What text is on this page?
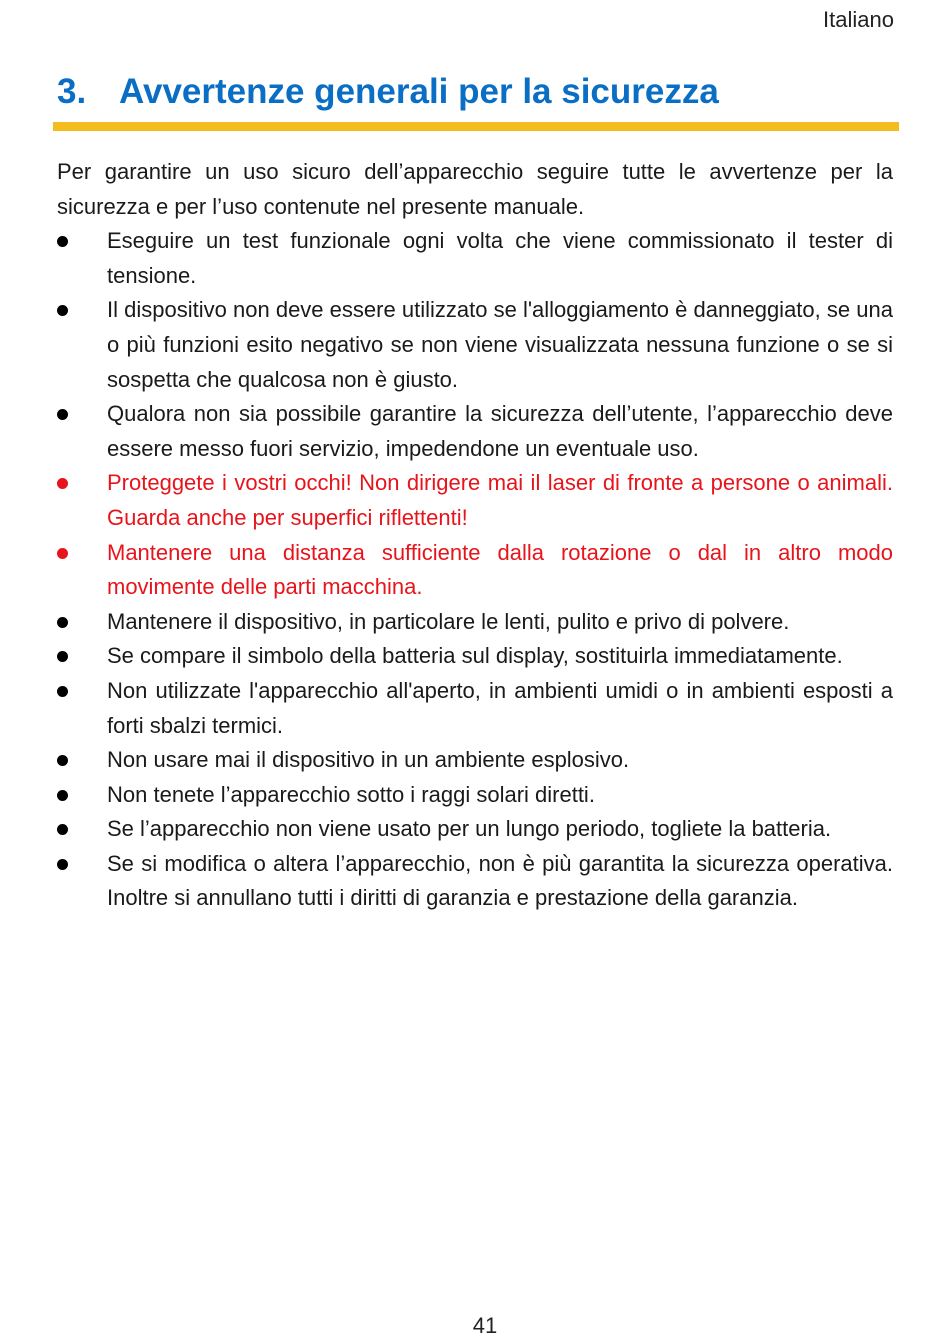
Italiano
3. Avvertenze generali per la sicurezza

Per garantire un uso sicuro dell’apparecchio seguire tutte le avvertenze per la sicurezza e per l’uso contenute nel presente manuale.

Eseguire un test funzionale ogni volta che viene commissionato il tester di tensione.
Il dispositivo non deve essere utilizzato se l'alloggiamento è danneggiato, se una o più funzioni esito negativo se non viene visualizzata nessuna funzione o se si sospetta che qualcosa non è giusto.
Qualora non sia possibile garantire la sicurezza dell’utente, l’apparecchio deve essere messo fuori servizio, impedendone un eventuale uso.
Proteggete i vostri occhi! Non dirigere mai il laser di fronte a persone o animali. Guarda anche per superfici riflettenti!
Mantenere una distanza sufficiente dalla rotazione o dal in altro modo movimente delle parti macchina.
Mantenere il dispositivo, in particolare le lenti, pulito e privo di polvere.
Se compare il simbolo della batteria sul display, sostituirla immediatamente.
Non utilizzate l'apparecchio all'aperto, in ambienti umidi o in ambienti esposti a forti sbalzi termici.
Non usare mai il dispositivo in un ambiente esplosivo.
Non tenete l’apparecchio sotto i raggi solari diretti.
Se l’apparecchio non viene usato per un lungo periodo, togliete la batteria.
Se si modifica o altera l’apparecchio, non è più garantita la sicurezza operativa. Inoltre si annullano tutti i diritti di garanzia e prestazione della garanzia.
41
